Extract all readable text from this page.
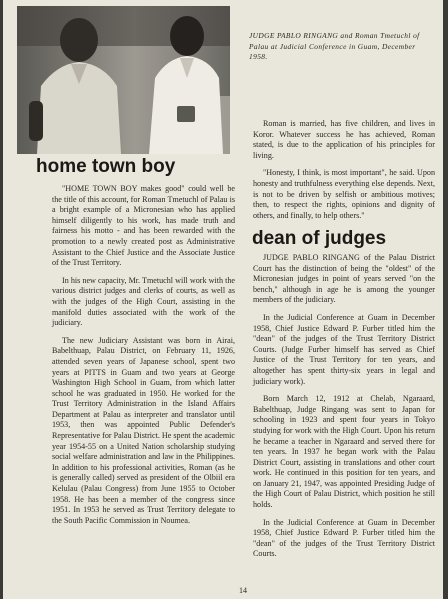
JUDGE PABLO RINGANG and Roman Tmetuchl of Palau at Judicial Conference in Guam, December 1958.

Roman is married, has five children, and lives in Koror. Whatever success he has achieved, Roman stated, is due to the application of his principles for living.

"Honesty, I think, is most important", he said. Upon honesty and truthfulness everything else depends. Next, is not to be driven by selfish or ambitious motives; then, to respect the rights, opinions and dignity of others, and finally, to help others."

home town boy

"HOME TOWN BOY makes good" could well be the title of this account, for Roman Tmetuchl of Palau is a bright example of a Micronesian who has applied himself diligently to his work, has made truth and fairness his motto - and has been rewarded with the promotion to a newly created post as Administrative Assistant to the Chief Justice and the Associate Justice of the Trust Territory.

In his new capacity, Mr. Tmetuchl will work with the various district judges and clerks of courts, as well as with the judges of the High Court, assisting in the manifold duties associated with the work of the judiciary.

The new Judiciary Assistant was born in Airai, Babelthuap, Palau District, on February 11, 1926, attended seven years of Japanese school, spent two years at PITTS in Guam and two years at George Washington High School in Guam, from which latter school he was graduated in 1950. He worked for the Trust Territory Administration in the Island Affairs Department at Palau as interpreter and translator until 1953, then was appointed Public Defender's Representative for Palau District. He spent the academic year 1954-55 on a United Nation scholarship studying social welfare administration and law in the Philippines. In addition to his professional activities, Roman (as he is generally called) served as president of the Olbiil era Kelulau (Palau Congress) from June 1955 to October 1958. He has been a member of the congress since 1951. In 1953 he served as Trust Territory delegate to the South Pacific Commission in Noumea.

dean of judges

JUDGE PABLO RINGANG of the Palau District Court has the distinction of being the "oldest" of the Micronesian judges in point of years served "on the bench," although in age he is among the younger members of the judiciary.

In the Judicial Conference at Guam in December 1958, Chief Justice Edward P. Furber titled him the "dean" of the judges of the Trust Territory District Courts. (Judge Furber himself has served as Chief Justice of the Trust Territory for ten years, and altogether has spent thirty-six years in legal and judiciary work).

Born March 12, 1912 at Chelab, Ngaraard, Babelthuap, Judge Ringang was sent to Japan for schooling in 1923 and spent four years in Tokyo studying for work with the High Court. Upon his return he became a teacher in Ngaraard and served there for ten years. In 1937 he began work with the Palau District Court, assisting in translations and other court work. He continued in this position for ten years, and on January 21, 1947, was appointed Presiding Judge of the High Court of Palau District, which position he still holds.

In the Judicial Conference at Guam in December 1958, Chief Justice Edward P. Furber titled him the "dean" of the judges of the Trust Territory District Courts.

14
